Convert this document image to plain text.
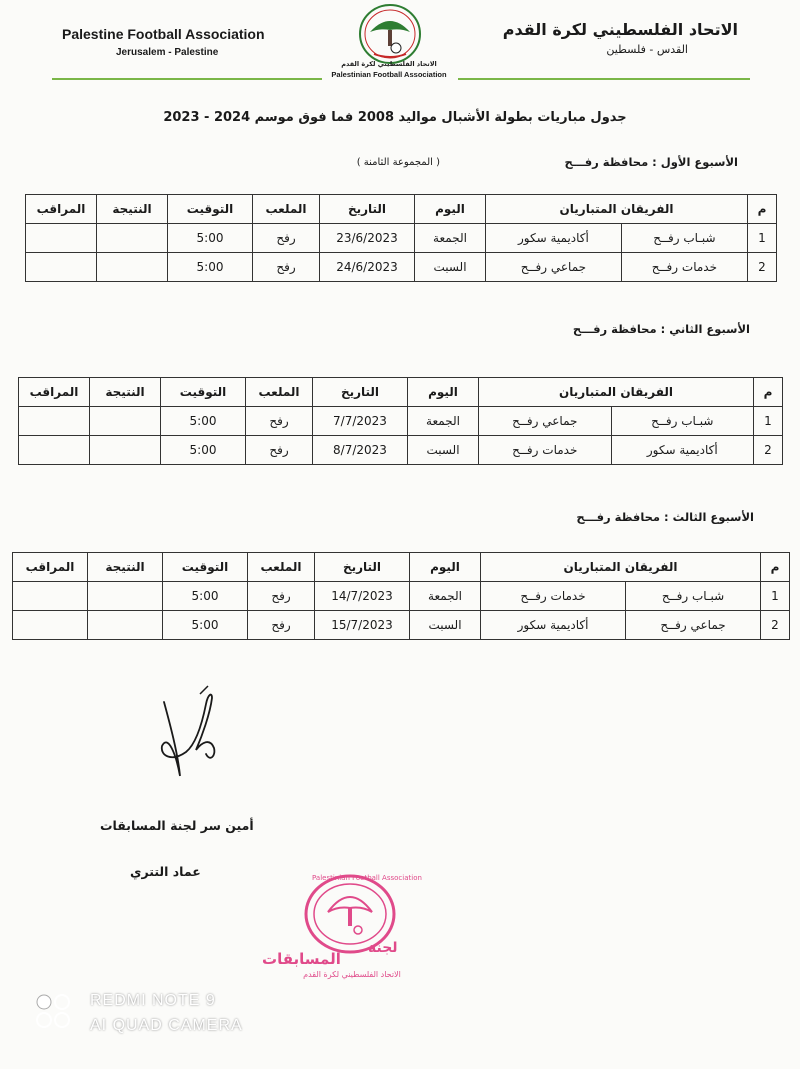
Palestine Football Association
Jerusalem - Palestine
الاتحاد الفلسطيني لكرة القدم
القدس - فلسطين
الاتحاد الفلسطيني لكرة القدم
Palestinian Football Association
جدول مباريات بطولة الأشبال مواليد 2008 فما فوق موسم 2024 - 2023
الأسبوع الأول : محافظة رفـــح
( المجموعة الثامنة )
م	الفريقان المتباريان		اليوم	التاريخ	الملعب	التوقيت	النتيجة	المراقب
1	شبـاب رفــح	أكاديمية سكور	الجمعة	23/6/2023	رفح	5:00		
2	خدمات رفــح	جماعي رفــح	السبت	24/6/2023	رفح	5:00		
الأسبوع الثاني : محافظة رفـــح
م	الفريقان المتباريان		اليوم	التاريخ	الملعب	التوقيت	النتيجة	المراقب
1	شبـاب رفــح	جماعي رفــح	الجمعة	7/7/2023	رفح	5:00		
2	أكاديمية سكور	خدمات رفــح	السبت	8/7/2023	رفح	5:00		
الأسبوع الثالث : محافظة رفـــح
م	الفريقان المتباريان		اليوم	التاريخ	الملعب	التوقيت	النتيجة	المراقب
1	شبـاب رفــح	خدمات رفــح	الجمعة	14/7/2023	رفح	5:00		
2	جماعي رفــح	أكاديمية سكور	السبت	15/7/2023	رفح	5:00		
أمين سر لجنة المسابقات
عماد التتري	Palestinian Football Association
لجنة
المسابقات
الاتحاد الفلسطيني لكرة القدم
REDMI NOTE 9
AI QUAD CAMERA
